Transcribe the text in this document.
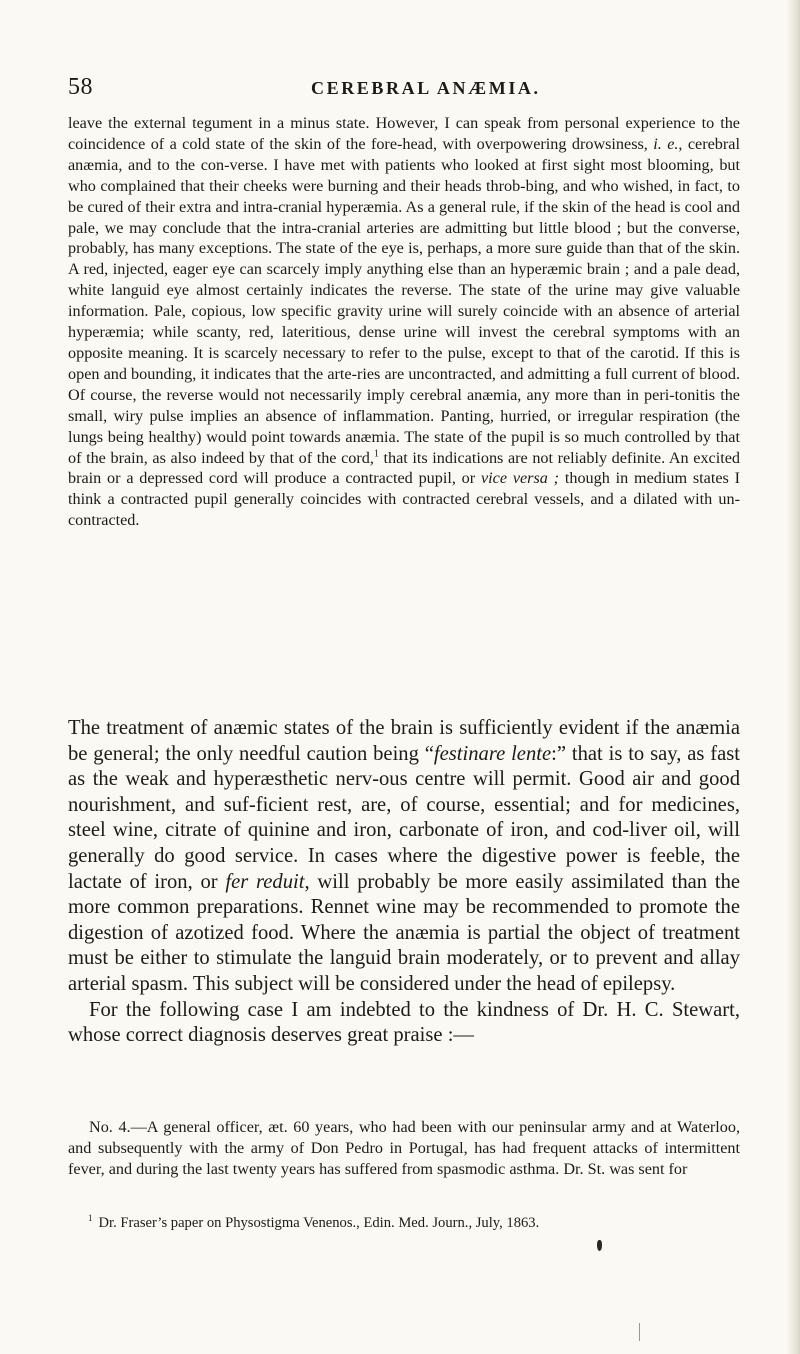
58	CEREBRAL ANÆMIA.

leave the external tegument in a minus state. However, I can speak from personal experience to the coincidence of a cold state of the skin of the fore-head, with overpowering drowsiness, i. e., cerebral anæmia, and to the con-verse. I have met with patients who looked at first sight most blooming, but who complained that their cheeks were burning and their heads throb-bing, and who wished, in fact, to be cured of their extra and intra-cranial hyperæmia. As a general rule, if the skin of the head is cool and pale, we may conclude that the intra-cranial arteries are admitting but little blood ; but the converse, probably, has many exceptions. The state of the eye is, perhaps, a more sure guide than that of the skin. A red, injected, eager eye can scarcely imply anything else than an hyperæmic brain ; and a pale dead, white languid eye almost certainly indicates the reverse. The state of the urine may give valuable information. Pale, copious, low specific gravity urine will surely coincide with an absence of arterial hyperæmia; while scanty, red, lateritious, dense urine will invest the cerebral symptoms with an opposite meaning. It is scarcely necessary to refer to the pulse, except to that of the carotid. If this is open and bounding, it indicates that the arte-ries are uncontracted, and admitting a full current of blood. Of course, the reverse would not necessarily imply cerebral anæmia, any more than in peri-tonitis the small, wiry pulse implies an absence of inflammation. Panting, hurried, or irregular respiration (the lungs being healthy) would point towards anæmia. The state of the pupil is so much controlled by that of the brain, as also indeed by that of the cord,$^1$ that its indications are not reliably definite. An excited brain or a depressed cord will produce a contracted pupil, or vice versa ; though in medium states I think a contracted pupil generally coincides with contracted cerebral vessels, and a dilated with un-contracted.

The treatment of anæmic states of the brain is sufficiently evident if the anæmia be general; the only needful caution being “festinare lente:” that is to say, as fast as the weak and hyperæsthetic nerv-ous centre will permit. Good air and good nourishment, and suf-ficient rest, are, of course, essential; and for medicines, steel wine, citrate of quinine and iron, carbonate of iron, and cod-liver oil, will generally do good service. In cases where the digestive power is feeble, the lactate of iron, or fer reduit, will probably be more easily assimilated than the more common preparations. Rennet wine may be recommended to promote the digestion of azotized food. Where the anæmia is partial the object of treatment must be either to stimulate the languid brain moderately, or to prevent and allay arterial spasm. This subject will be considered under the head of epilepsy.

For the following case I am indebted to the kindness of Dr. H. C. Stewart, whose correct diagnosis deserves great praise :—

No. 4.—A general officer, æt. 60 years, who had been with our peninsular army and at Waterloo, and subsequently with the army of Don Pedro in Portugal, has had frequent attacks of intermittent fever, and during the last twenty years has suffered from spasmodic asthma. Dr. St. was sent for

$^1$ Dr. Fraser’s paper on Physostigma Venenos., Edin. Med. Journ., July, 1863.
